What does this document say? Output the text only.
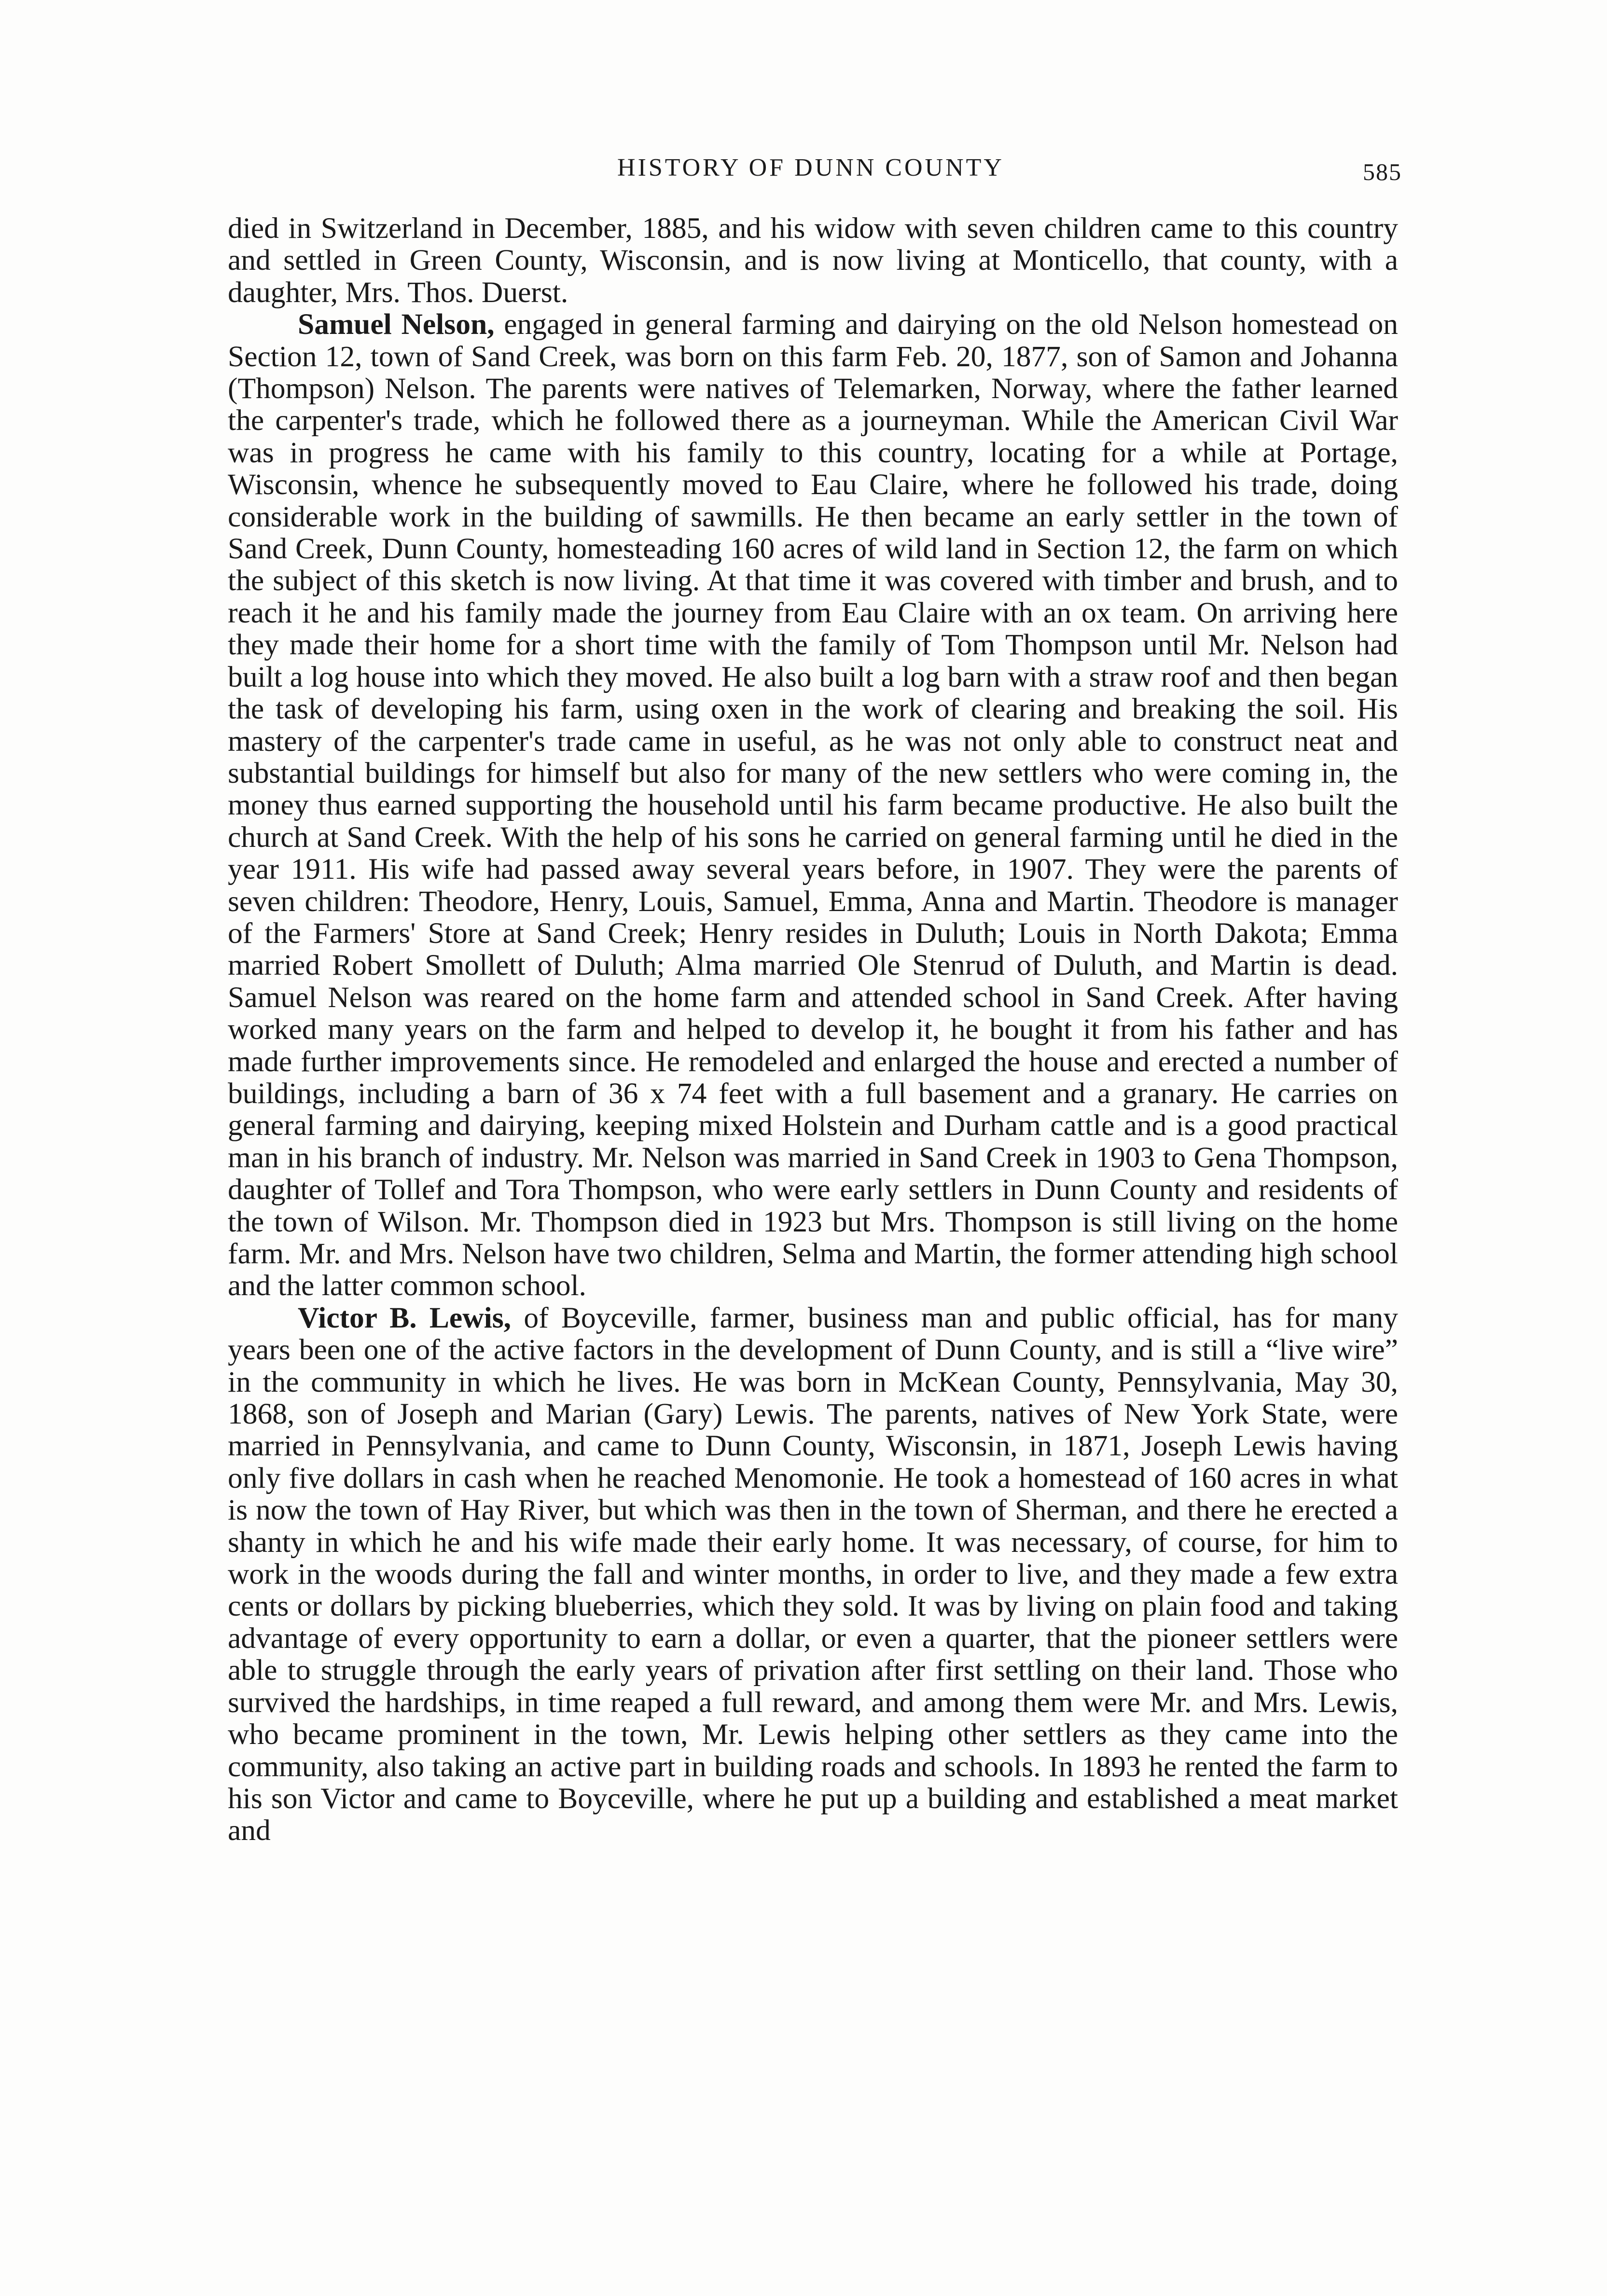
HISTORY OF DUNN COUNTY	585

died in Switzerland in December, 1885, and his widow with seven children came to this country and settled in Green County, Wisconsin, and is now living at Monticello, that county, with a daughter, Mrs. Thos. Duerst.

Samuel Nelson, engaged in general farming and dairying on the old Nelson homestead on Section 12, town of Sand Creek, was born on this farm Feb. 20, 1877, son of Samon and Johanna (Thompson) Nelson. The parents were natives of Telemarken, Norway, where the father learned the carpenter's trade, which he followed there as a journeyman. While the American Civil War was in progress he came with his family to this country, locating for a while at Portage, Wisconsin, whence he subsequently moved to Eau Claire, where he followed his trade, doing considerable work in the building of sawmills. He then became an early settler in the town of Sand Creek, Dunn County, homesteading 160 acres of wild land in Section 12, the farm on which the subject of this sketch is now living. At that time it was covered with timber and brush, and to reach it he and his family made the journey from Eau Claire with an ox team. On arriving here they made their home for a short time with the family of Tom Thompson until Mr. Nelson had built a log house into which they moved. He also built a log barn with a straw roof and then began the task of developing his farm, using oxen in the work of clearing and breaking the soil. His mastery of the carpenter's trade came in useful, as he was not only able to construct neat and substantial buildings for himself but also for many of the new settlers who were coming in, the money thus earned supporting the household until his farm became productive. He also built the church at Sand Creek. With the help of his sons he carried on general farming until he died in the year 1911. His wife had passed away several years before, in 1907. They were the parents of seven children: Theodore, Henry, Louis, Samuel, Emma, Anna and Martin. Theodore is manager of the Farmers' Store at Sand Creek; Henry resides in Duluth; Louis in North Dakota; Emma married Robert Smollett of Duluth; Alma married Ole Stenrud of Duluth, and Martin is dead. Samuel Nelson was reared on the home farm and attended school in Sand Creek. After having worked many years on the farm and helped to develop it, he bought it from his father and has made further improvements since. He remodeled and enlarged the house and erected a number of buildings, including a barn of 36 x 74 feet with a full basement and a granary. He carries on general farming and dairying, keeping mixed Holstein and Durham cattle and is a good practical man in his branch of industry. Mr. Nelson was married in Sand Creek in 1903 to Gena Thompson, daughter of Tollef and Tora Thompson, who were early settlers in Dunn County and residents of the town of Wilson. Mr. Thompson died in 1923 but Mrs. Thompson is still living on the home farm. Mr. and Mrs. Nelson have two children, Selma and Martin, the former attending high school and the latter common school.

Victor B. Lewis, of Boyceville, farmer, business man and public official, has for many years been one of the active factors in the development of Dunn County, and is still a “live wire” in the community in which he lives. He was born in McKean County, Pennsylvania, May 30, 1868, son of Joseph and Marian (Gary) Lewis. The parents, natives of New York State, were married in Pennsylvania, and came to Dunn County, Wisconsin, in 1871, Joseph Lewis having only five dollars in cash when he reached Menomonie. He took a homestead of 160 acres in what is now the town of Hay River, but which was then in the town of Sherman, and there he erected a shanty in which he and his wife made their early home. It was necessary, of course, for him to work in the woods during the fall and winter months, in order to live, and they made a few extra cents or dollars by picking blueberries, which they sold. It was by living on plain food and taking advantage of every opportunity to earn a dollar, or even a quarter, that the pioneer settlers were able to struggle through the early years of privation after first settling on their land. Those who survived the hardships, in time reaped a full reward, and among them were Mr. and Mrs. Lewis, who became prominent in the town, Mr. Lewis helping other settlers as they came into the community, also taking an active part in building roads and schools. In 1893 he rented the farm to his son Victor and came to Boyceville, where he put up a building and established a meat market and
